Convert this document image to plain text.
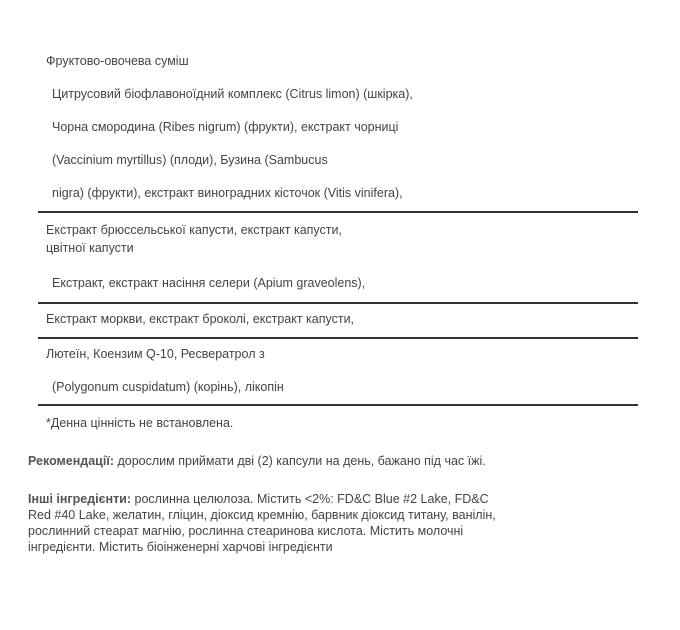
Фруктово-овочева суміш
Цитрусовий біофлавоноїдний комплекс (Citrus limon) (шкірка),
Чорна смородина (Ribes nigrum) (фрукти), екстракт чорниці
(Vaccinium myrtillus) (плоди), Бузина (Sambucus
nigra) (фрукти), екстракт виноградних кісточок (Vitis vinifera),
Екстракт брюссельської капусти, екстракт капусти,
цвітної капусти
Екстракт, екстракт насіння селери (Apium graveolens),
Екстракт моркви, екстракт броколі, екстракт капусти,
Лютеїн, Коензим Q-10, Ресвератрол з
(Polygonum cuspidatum) (корінь), лікопін
*Денна цінність не встановлена.
Рекомендації: дорослим приймати дві (2) капсули на день, бажано під час їжі.
Інші інгредієнти: рослинна целюлоза. Містить <2%: FD&C Blue #2 Lake, FD&C
Red #40 Lake, желатин, гліцин, діоксид кремнію, барвник діоксид титану, ванілін,
рослинний стеарат магнію, рослинна стеаринова кислота. Містить молочні
інгредієнти. Містить біоінженерні харчові інгредієнти
